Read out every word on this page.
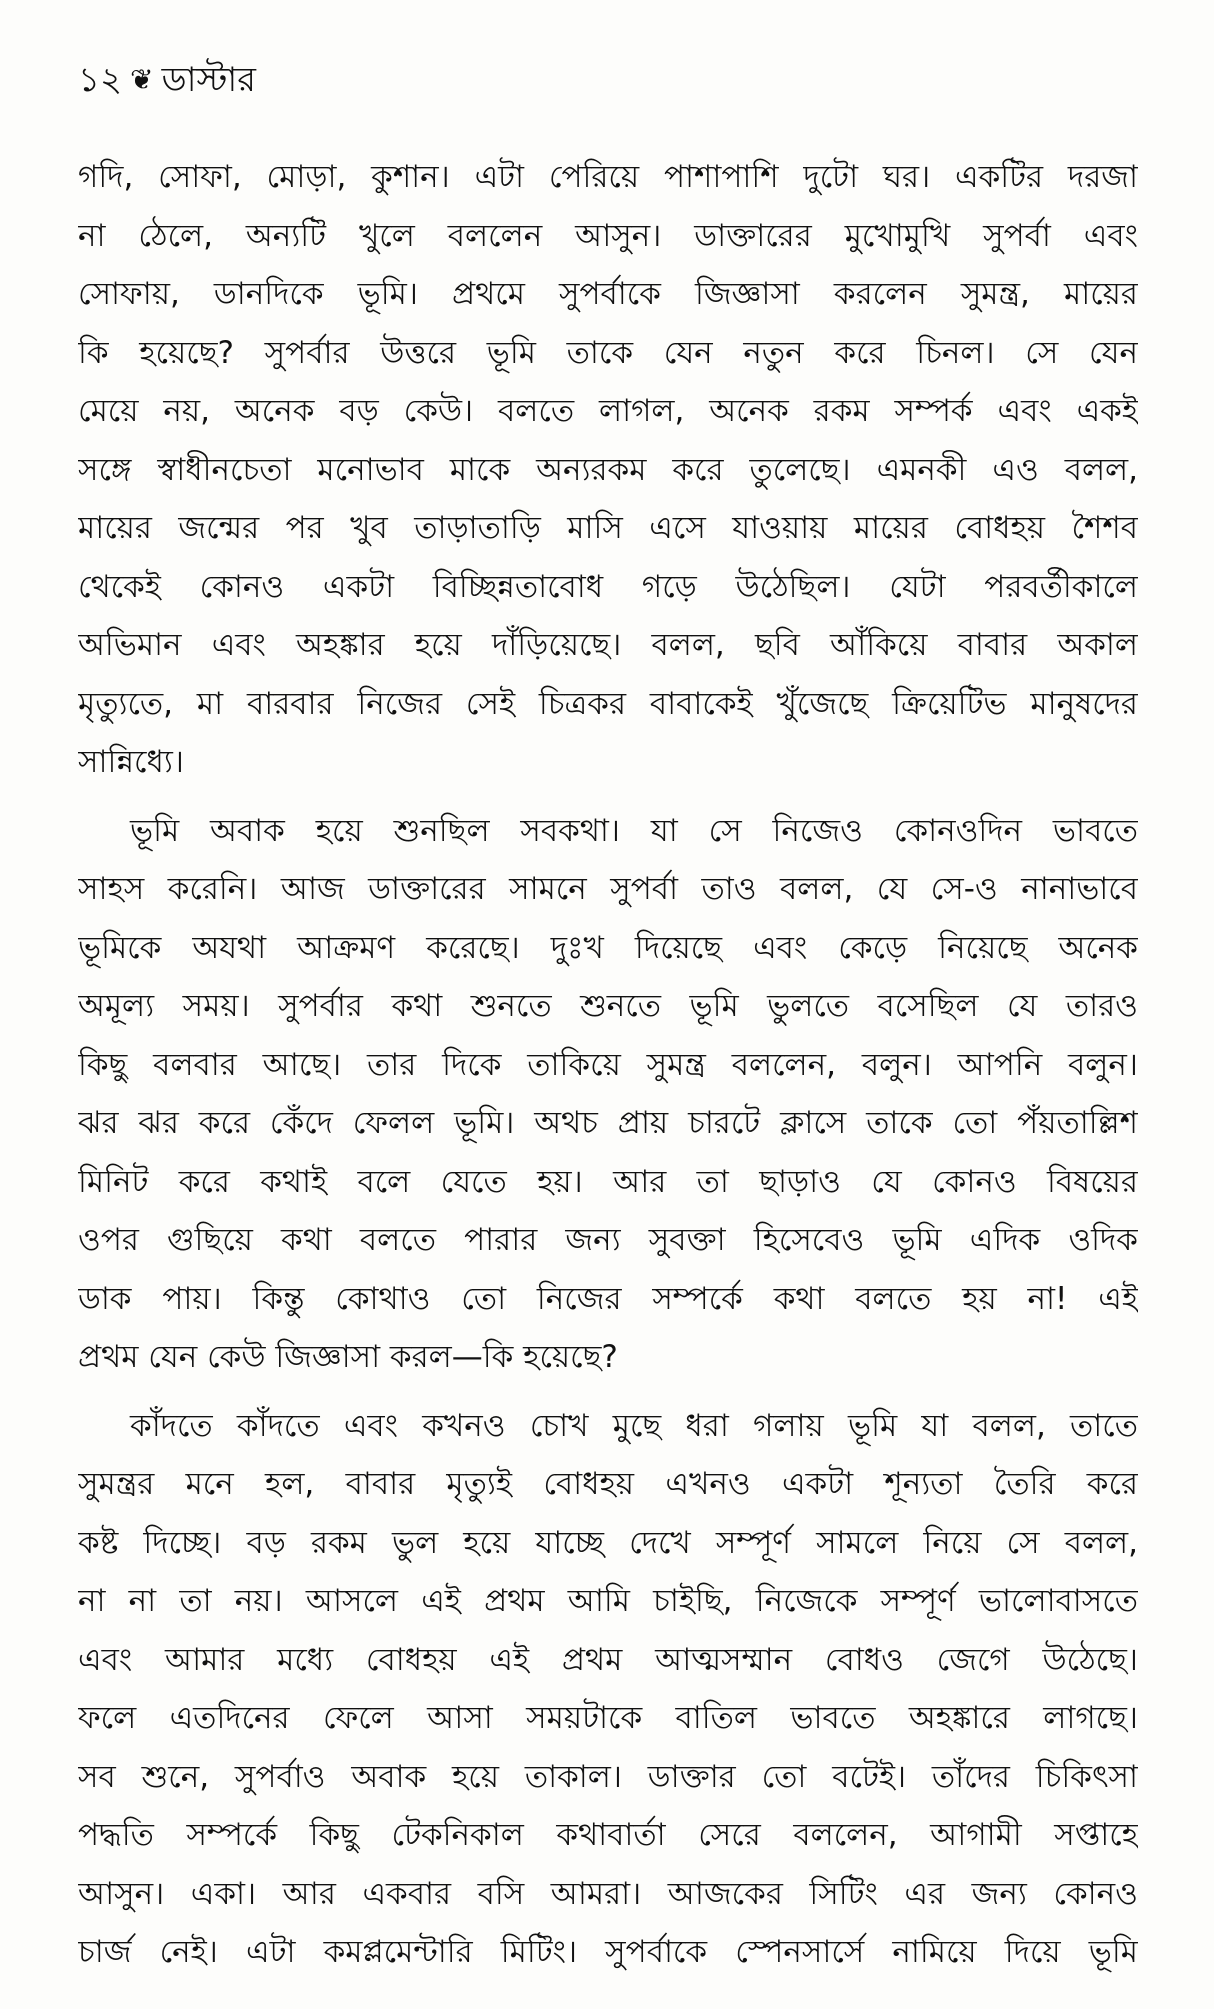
১২ ❦ ডাস্টার
গদি, সোফা, মোড়া, কুশান। এটা পেরিয়ে পাশাপাশি দুটো ঘর। একটির দরজা
না ঠেলে, অন্যটি খুলে বললেন আসুন। ডাক্তারের মুখোমুখি সুপর্বা এবং
সোফায়, ডানদিকে ভূমি। প্রথমে সুপর্বাকে জিজ্ঞাসা করলেন সুমন্ত্র, মায়ের
কি হয়েছে? সুপর্বার উত্তরে ভূমি তাকে যেন নতুন করে চিনল। সে যেন
মেয়ে নয়, অনেক বড় কেউ। বলতে লাগল, অনেক রকম সম্পর্ক এবং একই
সঙ্গে স্বাধীনচেতা মনোভাব মাকে অন্যরকম করে তুলেছে। এমনকী এও বলল,
মায়ের জন্মের পর খুব তাড়াতাড়ি মাসি এসে যাওয়ায় মায়ের বোধহয় শৈশব
থেকেই কোনও একটা বিচ্ছিন্নতাবোধ গড়ে উঠেছিল। যেটা পরবর্তীকালে
অভিমান এবং অহঙ্কার হয়ে দাঁড়িয়েছে। বলল, ছবি আঁকিয়ে বাবার অকাল
মৃত্যুতে, মা বারবার নিজের সেই চিত্রকর বাবাকেই খুঁজেছে ক্রিয়েটিভ মানুষদের
সান্নিধ্যে।
ভূমি অবাক হয়ে শুনছিল সবকথা। যা সে নিজেও কোনওদিন ভাবতে
সাহস করেনি। আজ ডাক্তারের সামনে সুপর্বা তাও বলল, যে সে-ও নানাভাবে
ভূমিকে অযথা আক্রমণ করেছে। দুঃখ দিয়েছে এবং কেড়ে নিয়েছে অনেক
অমূল্য সময়। সুপর্বার কথা শুনতে শুনতে ভূমি ভুলতে বসেছিল যে তারও
কিছু বলবার আছে। তার দিকে তাকিয়ে সুমন্ত্র বললেন, বলুন। আপনি বলুন।
ঝর ঝর করে কেঁদে ফেলল ভূমি। অথচ প্রায় চারটে ক্লাসে তাকে তো পঁয়তাল্লিশ
মিনিট করে কথাই বলে যেতে হয়। আর তা ছাড়াও যে কোনও বিষয়ের
ওপর গুছিয়ে কথা বলতে পারার জন্য সুবক্তা হিসেবেও ভূমি এদিক ওদিক
ডাক পায়। কিন্তু কোথাও তো নিজের সম্পর্কে কথা বলতে হয় না! এই
প্রথম যেন কেউ জিজ্ঞাসা করল—কি হয়েছে?
কাঁদতে কাঁদতে এবং কখনও চোখ মুছে ধরা গলায় ভূমি যা বলল, তাতে
সুমন্ত্রর মনে হল, বাবার মৃত্যুই বোধহয় এখনও একটা শূন্যতা তৈরি করে
কষ্ট দিচ্ছে। বড় রকম ভুল হয়ে যাচ্ছে দেখে সম্পূর্ণ সামলে নিয়ে সে বলল,
না না তা নয়। আসলে এই প্রথম আমি চাইছি, নিজেকে সম্পূর্ণ ভালোবাসতে
এবং আমার মধ্যে বোধহয় এই প্রথম আত্মসম্মান বোধও জেগে উঠেছে।
ফলে এতদিনের ফেলে আসা সময়টাকে বাতিল ভাবতে অহঙ্কারে লাগছে।
সব শুনে, সুপর্বাও অবাক হয়ে তাকাল। ডাক্তার তো বটেই। তাঁদের চিকিৎসা
পদ্ধতি সম্পর্কে কিছু টেকনিকাল কথাবার্তা সেরে বললেন, আগামী সপ্তাহে
আসুন। একা। আর একবার বসি আমরা। আজকের সিটিং এর জন্য কোনও
চার্জ নেই। এটা কমপ্লমেন্টারি মিটিং। সুপর্বাকে স্পেনসার্সে নামিয়ে দিয়ে ভূমি
